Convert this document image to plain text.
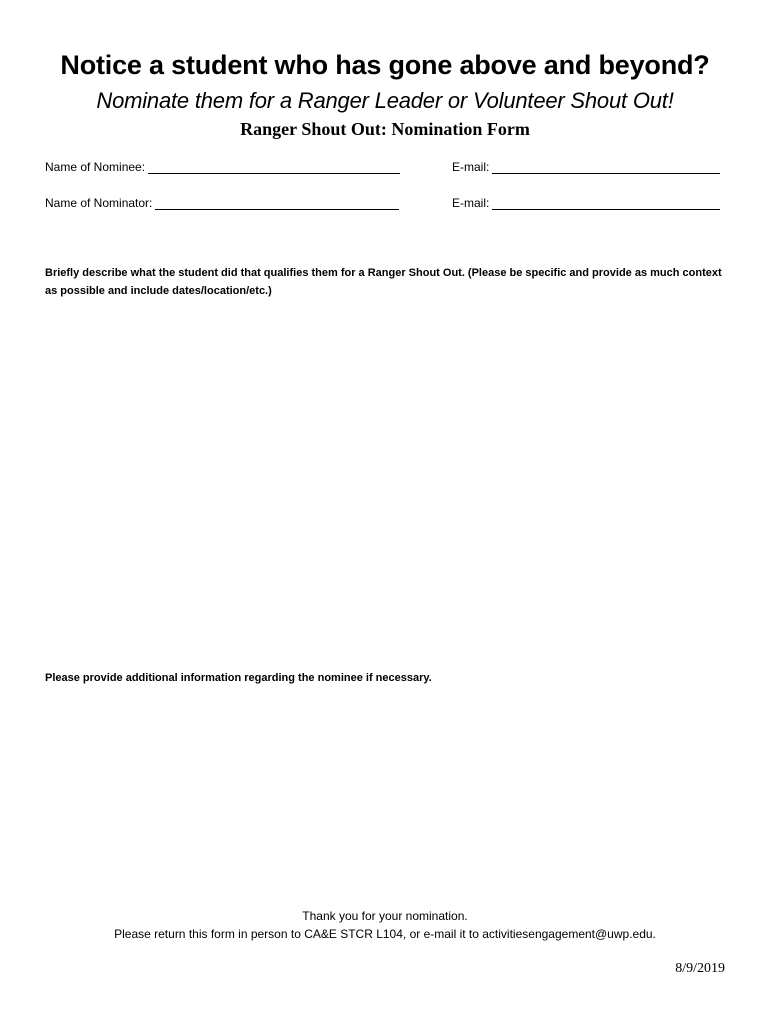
Notice a student who has gone above and beyond?
Nominate them for a Ranger Leader or Volunteer Shout Out!
Ranger Shout Out: Nomination Form
Name of Nominee:	E-mail:
Name of Nominator:	E-mail:
Briefly describe what the student did that qualifies them for a Ranger Shout Out. (Please be specific and provide as much context as possible and include dates/location/etc.)
Please provide additional information regarding the nominee if necessary.
Thank you for your nomination.
Please return this form in person to CA&E STCR L104, or e-mail it to activitiesengagement@uwp.edu.
8/9/2019
